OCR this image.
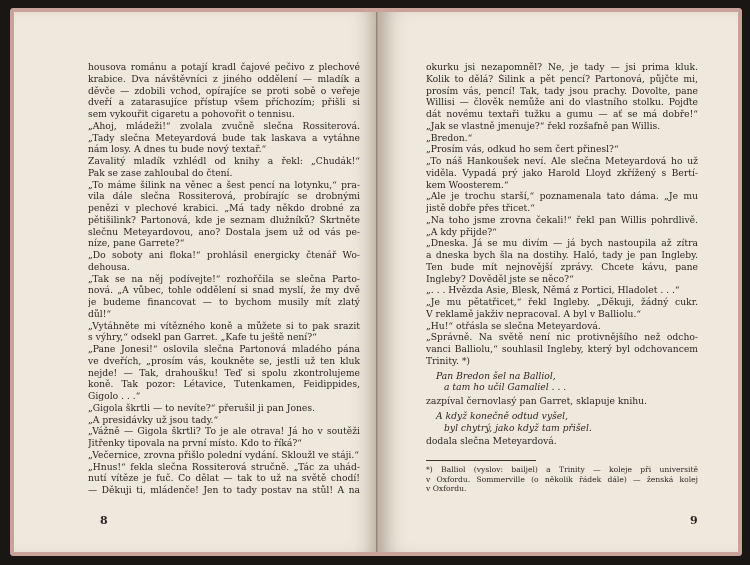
housova románu a potají kradl čajové pečivo z plechové
krabice. Dva návštěvníci z jiného oddělení — mladík a
děvče — zdobili vchod, opírajíce se proti sobě o veřeje
dveří a zatarasujíce přístup všem příchozím; přišli si
sem vykouřit cigaretu a pohovořit o tennisu.
„Ahoj, mládeži!“ zvolala zvučně slečna Rossiterová.
„Tady slečna Meteyardová bude tak laskava a vytáhne
nám losy. A dnes tu bude nový textař.“
Zavalitý mladík vzhlédl od knihy a řekl: „Chudák!“
Pak se zase zahloubal do čtení.
„To máme šilink na věnec a šest pencí na lotynku,“ pra-
vila dále slečna Rossiterová, probírajíc se drobnými
penězi v plechové krabici. „Má tady někdo drobné za
pětišilink? Partonová, kde je seznam dlužníků? Škrtněte
slečnu Meteyardovou, ano? Dostala jsem už od vás pe-
níze, pane Garrete?“
„Do soboty ani floka!“ prohlásil energicky čtenář Wo-
dehousa.
„Tak se na něj podívejte!“ rozhořčila se slečna Parto-
nová. „A vůbec, tohle oddělení si snad myslí, že my dvě
je budeme financovat — to bychom musily mít zlatý
důl!“
„Vytáhněte mi vítězného koně a můžete si to pak srazit
s výhry,“ odsekl pan Garret. „Kafe tu ještě není?“
„Pane Jonesi!“ oslovila slečna Partonová mladého pána
ve dveřích, „prosím vás, koukněte se, jestli už ten kluk
nejde! — Tak, drahoušku! Teď si spolu zkontrolujeme
koně. Tak pozor: Létavice, Tutenkamen, Feidippides,
Gigolo . . .“
„Gigola škrtli — to nevíte?“ přerušil ji pan Jones.
„A presidávky už jsou tady.“
„Vážně — Gigola škrtli? To je ale otrava! Já ho v soutěži
Jitřenky tipovala na první místo. Kdo to říká?“
„Večernice, zrovna přišlo polední vydání. Skloužl ve stáji.“
„Hnus!“ fekla slečna Rossiterová stručně. „Tác za uhád-
nutí vítěze je fuč. Co dělat — tak to už na světě chodí!
— Děkuji ti, mládenče! Jen to tady postav na stůl! A na
8
okurku jsi nezapomněl? Ne, je tady — jsi prima kluk.
Kolik to dělá? Šilink a pět pencí? Partonová, půjčte mi,
prosím vás, pencí! Tak, tady jsou prachy. Dovolte, pane
Willisi — člověk nemůže ani do vlastního stolku. Pojďte
dát novému textaři tužku a gumu — ať se má dobře!“
„Jak se vlastně jmenuje?“ řekl rozšafně pan Willis.
„Bredon.“
„Prosím vás, odkud ho sem čert přinesl?“
„To náš Hankoušek neví. Ale slečna Meteyardová ho už
viděla. Vypadá prý jako Harold Lloyd zkřížený s Bertí-
kem Woosterem.“
„Ale je trochu starší,“ poznamenala tato dáma. „Je mu
jistě dobře přes třicet.“
„Na toho jsme zrovna čekali!“ řekl pan Willis pohrdlivě.
„A kdy přijde?“
„Dneska. Já se mu divím — já bych nastoupila až zítra
a dneska bych šla na dostihy. Haló, tady je pan Ingleby.
Ten bude mít nejnovější zprávy. Chcete kávu, pane
Ingleby? Dověděl jste se něco?“
„. . . Hvězda Asie, Blesk, Němá z Portici, Hladolet . . .“
„Je mu pětatřicet,“ řekl Ingleby. „Děkuji, žádný cukr.
V reklamě jakživ nepracoval. A byl v Balliolu.“
„Hu!“ otřásla se slečna Meteyardová.
„Správně. Na světě není nic protivnějšího než odcho-
vanci Balliolu,“ souhlasil Ingleby, který byl odchovancem
Trinity. *)
Pan Bredon šel na Balliol,
a tam ho učil Gamaliel . . .
zazpíval černovlasý pan Garret, sklapuje knihu.
A když konečně odtud vyšel,
byl chytrý, jako když tam přišel.
dodala slečna Meteyardová.
*) Balliol (vyslov: bailjel) a Trinity — koleje při universitě
v Oxfordu. Sommerville (o několik řádek dále) — ženská kolej
v Oxfordu.
9
